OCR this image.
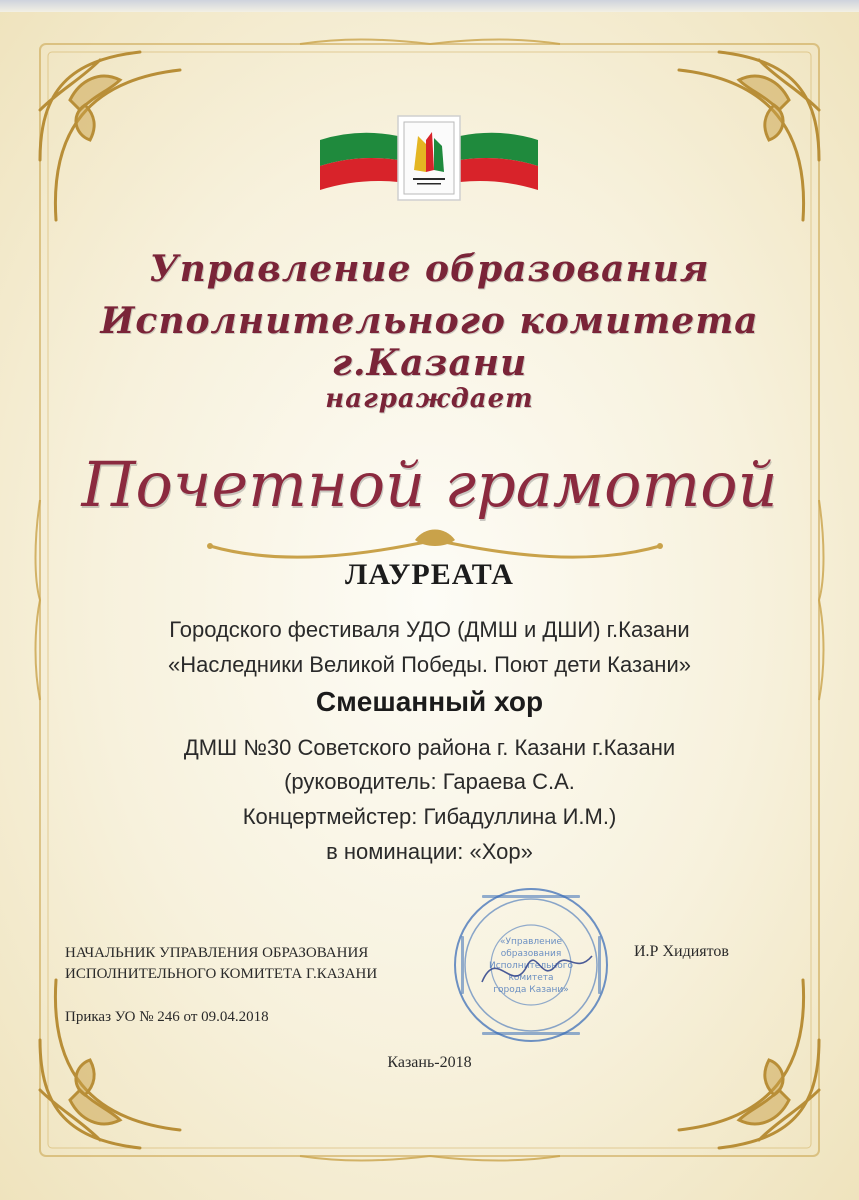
Управление образования
Исполнительного комитета г.Казани
награждает
Почетной грамотой
ЛАУРЕАТА
Городского фестиваля УДО (ДМШ и ДШИ) г.Казани
«Наследники Великой Победы. Поют дети Казани»
Смешанный хор
ДМШ №30 Советского района г. Казани г.Казани
(руководитель: Гараева С.А.
Концертмейстер: Гибадуллина И.М.)
в номинации: «Хор»
«Управление
образования
Исполнительного
комитета
города Казани»
НАЧАЛЬНИК УПРАВЛЕНИЯ ОБРАЗОВАНИЯ
ИСПОЛНИТЕЛЬНОГО КОМИТЕТА Г.КАЗАНИ
И.Р Хидиятов
Приказ УО № 246 от 09.04.2018
Казань-2018
